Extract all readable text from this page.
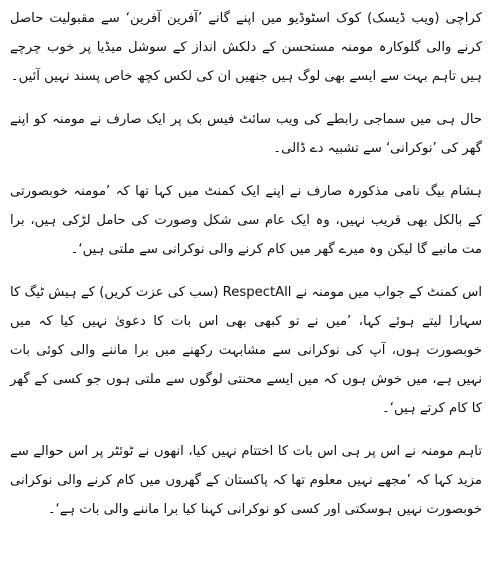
کراچی (ویب ڈیسک) کوک اسٹوڈیو میں اپنے گانے ’آفرین آفرین‘ سے مقبولیت حاصل کرنے والی گلوکارہ مومنہ مستحسن کے دلکش انداز کے سوشل میڈیا پر خوب چرچے ہیں تاہم بہت سے ایسے بھی لوگ ہیں جنھیں ان کی لکس کچھ خاص پسند نہیں آئیں۔

حال ہی میں سماجی رابطے کی ویب سائٹ فیس بک پر ایک صارف نے مومنہ کو اپنے گھر کی ’نوکرانی‘ سے تشبیہ دے ڈالی۔

ہشام بیگ نامی مذکورہ صارف نے اپنے ایک کمنٹ میں کہا تھا کہ ’مومنہ خوبصورتی کے بالکل بھی قریب نہیں، وہ ایک عام سی شکل وصورت کی حامل لڑکی ہیں، برا مت مانیے گا لیکن وہ میرے گھر میں کام کرنے والی نوکرانی سے ملتی ہیں‘۔

اس کمنٹ کے جواب میں مومنہ نے RespectAll (سب کی عزت کریں) کے ہیش ٹیگ کا سہارا لیتے ہوئے کہا، ’میں نے تو کبھی بھی اس بات کا دعویٰ نہیں کیا کہ میں خوبصورت ہوں، آپ کی نوکرانی سے مشابہت رکھنے میں برا ماننے والی کوئی بات نہیں ہے، میں خوش ہوں کہ میں ایسے محنتی لوگوں سے ملتی ہوں جو کسی کے گھر کا کام کرتے ہیں‘۔

تاہم مومنہ نے اس پر ہی اس بات کا اختتام نہیں کیا، انھوں نے ٹوئٹر پر اس حوالے سے مزید کہا کہ ’مجھے نہیں معلوم تھا کہ پاکستان کے گھروں میں کام کرنے والی نوکرانی خوبصورت نہیں ہوسکتی اور کسی کو نوکرانی کہنا کیا برا ماننے والی بات ہے‘۔
